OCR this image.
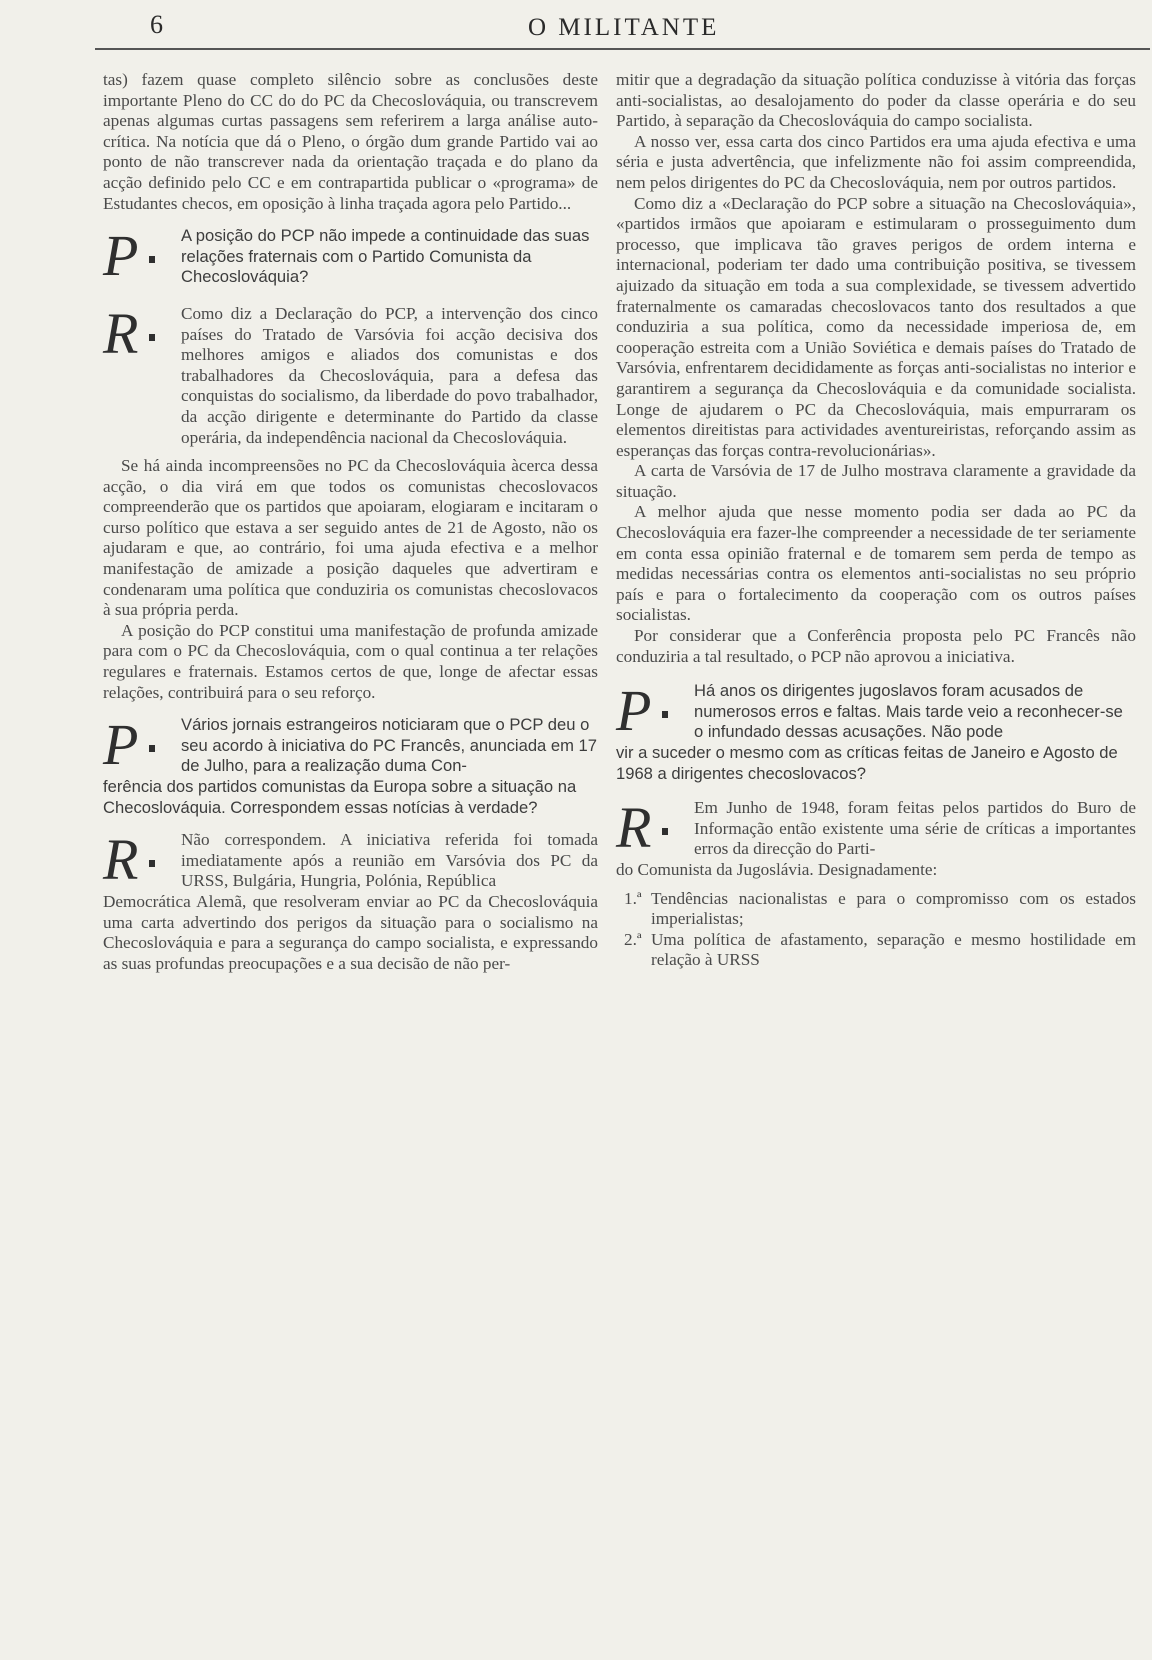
6	O MILITANTE

tas) fazem quase completo silêncio sobre as conclusões deste importante Pleno do CC do do PC da Checoslováquia, ou transcrevem apenas algumas curtas passagens sem referirem a larga análise auto-crítica. Na notícia que dá o Pleno, o órgão dum grande Partido vai ao ponto de não transcrever nada da orientação traçada e do plano da acção definido pelo CC e em contrapartida publicar o «programa» de Estudantes checos, em oposição à linha traçada agora pelo Partido...

P	A posição do PCP não impede a continuidade das suas relações fraternais com o Partido Comunista da Checoslováquia?
R Como diz a Declaração do PCP, a intervenção dos cinco países do Tratado de Varsóvia foi acção decisiva dos melhores amigos e aliados dos comunistas e dos trabalhadores da Checoslováquia, para a defesa das conquistas do socialismo, da liberdade do povo trabalhador, da acção dirigente e determinante do Partido da classe operária, da independência nacional da Checoslováquia.

Se há ainda incompreensões no PC da Checoslováquia àcerca dessa acção, o dia virá em que todos os comunistas checoslovacos compreenderão que os partidos que apoiaram, elogiaram e incitaram o curso político que estava a ser seguido antes de 21 de Agosto, não os ajudaram e que, ao contrário, foi uma ajuda efectiva e a melhor manifestação de amizade a posição daqueles que advertiram e condenaram uma política que conduziria os comunistas checoslovacos à sua própria perda.

A posição do PCP constitui uma manifestação de profunda amizade para com o PC da Checoslováquia, com o qual continua a ter relações regulares e fraternais. Estamos certos de que, longe de afectar essas relações, contribuirá para o seu reforço.

P	Vários jornais estrangeiros noticiaram que o PCP deu o seu acordo à iniciativa do PC Francês, anunciada em 17 de Julho, para a realização duma Con-
ferência dos partidos comunistas da Europa sobre a situação na Checoslováquia. Correspondem essas notícias à verdade?
R Não correspondem. A iniciativa referida foi tomada imediatamente após a reunião em Varsóvia dos PC da URSS, Bulgária, Hungria, Polónia, República
Democrática Alemã, que resolveram enviar ao PC da Checoslováquia uma carta advertindo dos perigos da situação para o socialismo na Checoslováquia e para a segurança do campo socialista, e expressando as suas profundas preocupações e a sua decisão de não per-

mitir que a degradação da situação política conduzisse à vitória das forças anti-socialistas, ao desalojamento do poder da classe operária e do seu Partido, à separação da Checoslováquia do campo socialista.

A nosso ver, essa carta dos cinco Partidos era uma ajuda efectiva e uma séria e justa advertência, que infelizmente não foi assim compreendida, nem pelos dirigentes do PC da Checoslováquia, nem por outros partidos.

Como diz a «Declaração do PCP sobre a situação na Checoslováquia», «partidos irmãos que apoiaram e estimularam o prosseguimento dum processo, que implicava tão graves perigos de ordem interna e internacional, poderiam ter dado uma contribuição positiva, se tivessem ajuizado da situação em toda a sua complexidade, se tivessem advertido fraternalmente os camaradas checoslovacos tanto dos resultados a que conduziria a sua política, como da necessidade imperiosa de, em cooperação estreita com a União Soviética e demais países do Tratado de Varsóvia, enfrentarem decididamente as forças anti-socialistas no interior e garantirem a segurança da Checoslováquia e da comunidade socialista. Longe de ajudarem o PC da Checoslováquia, mais empurraram os elementos direitistas para actividades aventureiristas, reforçando assim as esperanças das forças contra-revolucionárias».

A carta de Varsóvia de 17 de Julho mostrava claramente a gravidade da situação.

A melhor ajuda que nesse momento podia ser dada ao PC da Checoslováquia era fazer-lhe compreender a necessidade de ter seriamente em conta essa opinião fraternal e de tomarem sem perda de tempo as medidas necessárias contra os elementos anti-socialistas no seu próprio país e para o fortalecimento da cooperação com os outros países socialistas.

Por considerar que a Conferência proposta pelo PC Francês não conduziria a tal resultado, o PCP não aprovou a iniciativa.

P	Há anos os dirigentes jugoslavos foram acusados de numerosos erros e faltas. Mais tarde veio a reconhecer-se o infundado dessas acusações. Não pode
vir a suceder o mesmo com as críticas feitas de Janeiro e Agosto de 1968 a dirigentes checoslovacos?
R Em Junho de 1948, foram feitas pelos partidos do Buro de Informação então existente uma série de críticas a importantes erros da direcção do Parti-
do Comunista da Jugoslávia. Designadamente:
1.ª Tendências nacionalistas e para o compromisso com os estados imperialistas;
2.ª Uma política de afastamento, separação e mesmo hostilidade em relação à URSS
